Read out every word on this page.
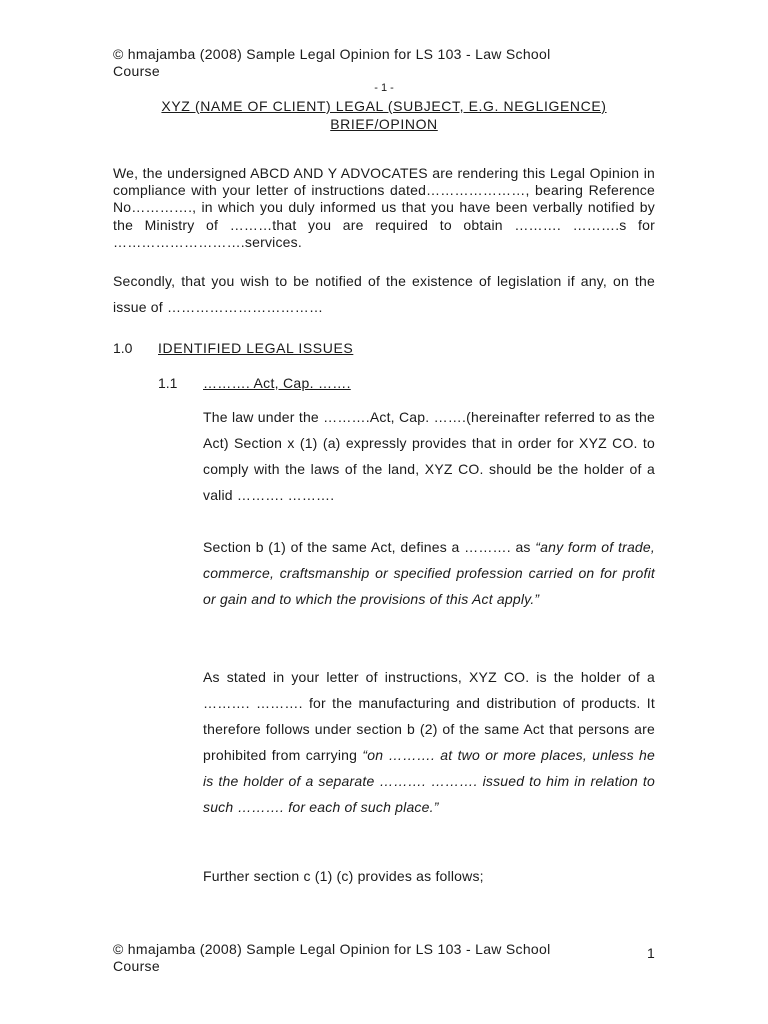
© hmajamba (2008) Sample Legal Opinion for LS 103 - Law School Course
- 1 -
XYZ (NAME OF CLIENT) LEGAL (SUBJECT, E.G. NEGLIGENCE)
BRIEF/OPINON
We, the undersigned ABCD AND Y ADVOCATES are rendering this Legal Opinion in compliance with your letter of instructions dated…………………, bearing Reference No…………., in which you duly informed us that you have been verbally notified by the Ministry of ………that you are required to obtain ………. ……….s for ……………………….services.
Secondly, that you wish to be notified of the existence of legislation if any, on the issue of ……………………………
1.0 IDENTIFIED LEGAL ISSUES
1.1 ………. Act, Cap. …….
The law under the ……….Act, Cap. …….(hereinafter referred to as the Act) Section x (1) (a) expressly provides that in order for XYZ CO. to comply with the laws of the land, XYZ CO. should be the holder of a valid ………. ……….
Section b (1) of the same Act, defines a ………. as “any form of trade, commerce, craftsmanship or specified profession carried on for profit or gain and to which the provisions of this Act apply.”
As stated in your letter of instructions, XYZ CO. is the holder of a ………. ………. for the manufacturing and distribution of products. It therefore follows under section b (2) of the same Act that persons are prohibited from carrying “on ………. at two or more places, unless he is the holder of a separate ………. ………. issued to him in relation to such ………. for each of such place.”
Further section c (1) (c) provides as follows;
© hmajamba (2008) Sample Legal Opinion for LS 103 - Law School Course
1
